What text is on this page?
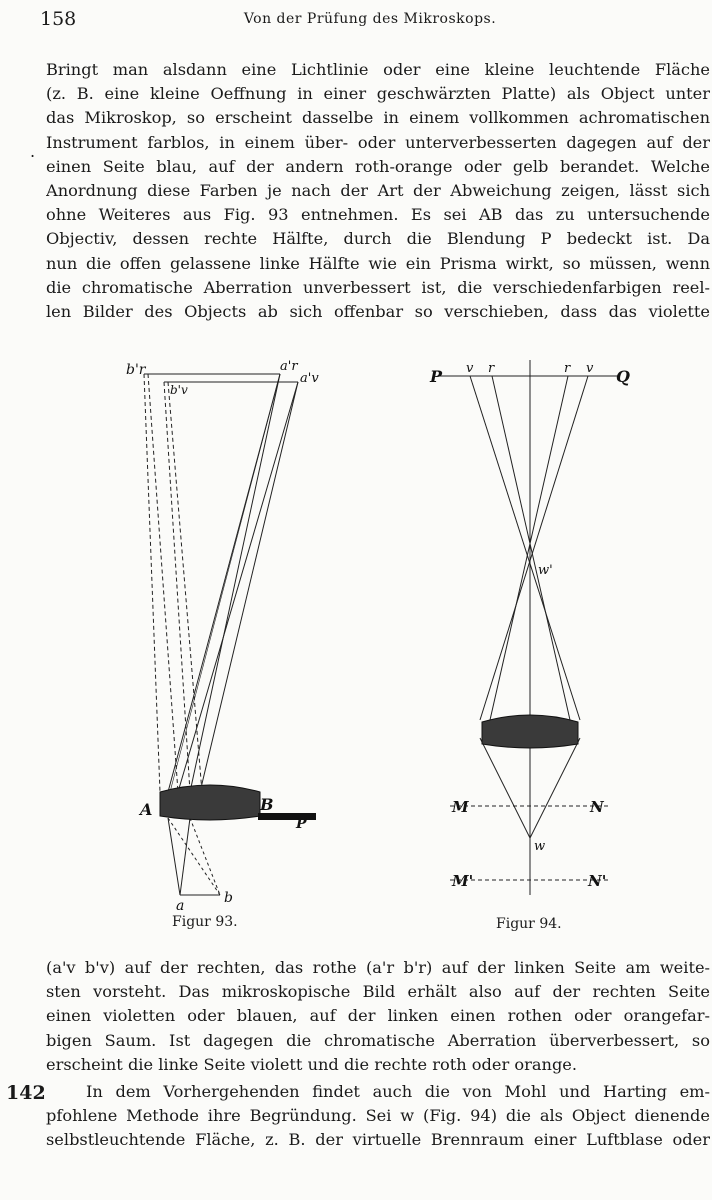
158	Von der Prüfung des Mikroskops.
.
Bringt man alsdann eine Lichtlinie oder eine kleine leuchtende Fläche
(z. B. eine kleine Oeffnung in einer geschwärzten Platte) als Object unter
das Mikroskop, so erscheint dasselbe in einem vollkommen achromatischen
Instrument farblos, in einem über- oder unterverbesserten dagegen auf der
einen Seite blau, auf der andern roth-orange oder gelb berandet. Welche
Anordnung diese Farben je nach der Art der Abweichung zeigen, lässt sich
ohne Weiteres aus Fig. 93 entnehmen. Es sei AB das zu untersuchende
Objectiv, dessen rechte Hälfte, durch die Blendung P bedeckt ist. Da
nun die offen gelassene linke Hälfte wie ein Prisma wirkt, so müssen, wenn
die chromatische Aberration unverbessert ist, die verschiedenfarbigen reel-
len Bilder des Objects ab sich offenbar so verschieben, dass das violette
b'r
b'v
a'r
a'v
A	B
P
a	b
Figur 93.
P	Q
v r	r v
w'
w
M	N
M'	N'
Figur 94.
(a'v b'v) auf der rechten, das rothe (a'r b'r) auf der linken Seite am weite-
sten vorsteht. Das mikroskopische Bild erhält also auf der rechten Seite
einen violetten oder blauen, auf der linken einen rothen oder orangefar-
bigen Saum. Ist dagegen die chromatische Aberration überverbessert, so
erscheint die linke Seite violett und die rechte roth oder orange.
142	In dem Vorhergehenden findet auch die von Mohl und Harting em-
pfohlene Methode ihre Begründung. Sei w (Fig. 94) die als Object dienende
selbstleuchtende Fläche, z. B. der virtuelle Brennraum einer Luftblase oder
